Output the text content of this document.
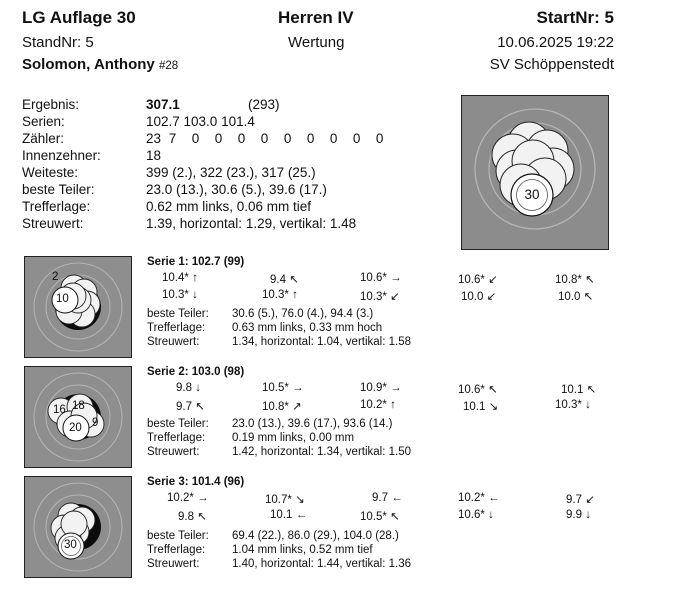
LG Auflage 30	Herren IV	StartNr: 5
StandNr: 5	Wertung	10.06.2025 19:22
Solomon, Anthony #28	SV Schöppenstedt
Ergebnis:	307.1	(293)
Serien:	102.7 103.0 101.4
Zähler:	23 7  0  0  0  0  0  0  0  0  0
Innenzehner:	18
Weiteste:	399 (2.), 322 (23.), 317 (25.)
beste Teiler:	23.0 (13.), 30.6 (5.), 39.6 (17.)
Trefferlage:	0.62 mm links, 0.06 mm tief
Streuwert:	1.39, horizontal: 1.29, vertikal: 1.48
30
2
10
Serie 1: 102.7 (99)
10.4* ↑	9.4 ↖	10.6* →	10.6* ↙	10.8* ↖
10.3* ↓	10.3* ↑	10.3* ↙	10.0 ↙	10.0 ↖
beste Teiler: 30.6 (5.), 76.0 (4.), 94.4 (3.)
Trefferlage: 0.63 mm links, 0.33 mm hoch
Streuwert:	1.34, horizontal: 1.04, vertikal: 1.58
16 18
20 9
Serie 2: 103.0 (98)
9.8 ↓	10.5* →	10.9* →	10.6* ↖	10.1 ↖
9.7 ↖	10.8* ↗	10.2* ↑	10.1 ↘	10.3* ↓
beste Teiler: 23.0 (13.), 39.6 (17.), 93.6 (14.)
Trefferlage: 0.19 mm links, 0.00 mm
Streuwert:	1.42, horizontal: 1.34, vertikal: 1.50
30
Serie 3: 101.4 (96)
10.2* →	10.7* ↘	9.7 ←	10.2* ←	9.7 ↙
9.8 ↖	10.1 ←	10.5* ↖	10.6* ↓	9.9 ↓
beste Teiler: 69.4 (22.), 86.0 (29.), 104.0 (28.)
Trefferlage: 1.04 mm links, 0.52 mm tief
Streuwert:	1.40, horizontal: 1.44, vertikal: 1.36
